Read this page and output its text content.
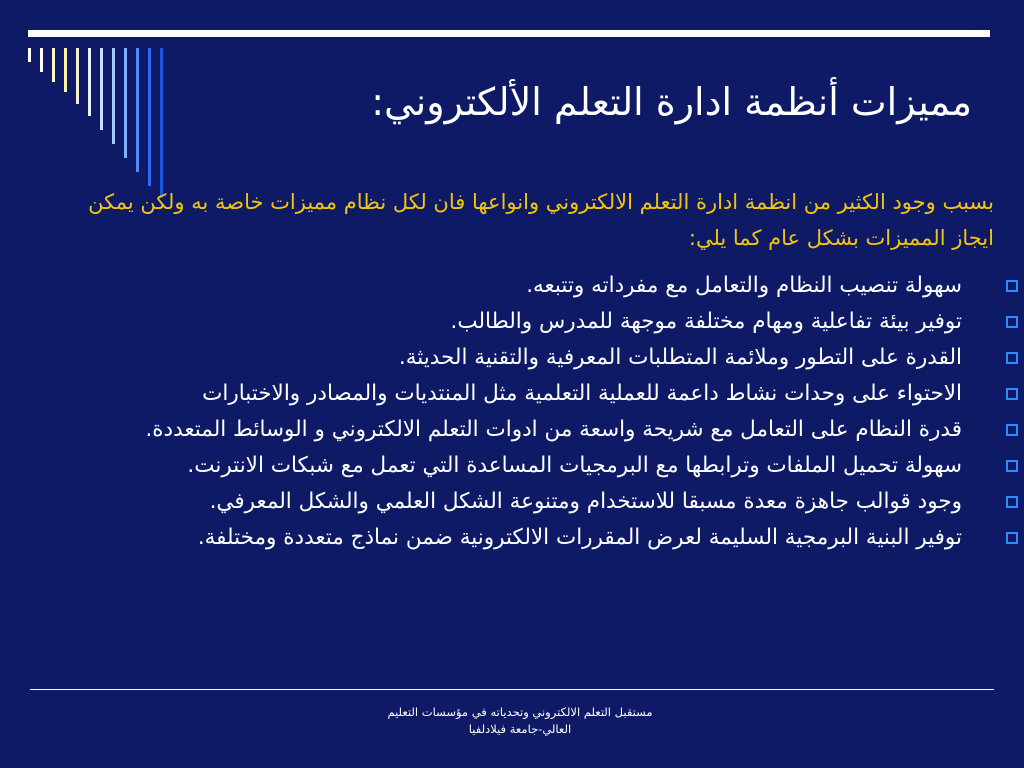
مميزات أنظمة ادارة التعلم الألكتروني:

بسبب وجود الكثير من انظمة ادارة التعلم الالكتروني وانواعها فان لكل نظام مميزات خاصة به ولكن يمكن ايجاز المميزات بشكل عام كما يلي:

سهولة تنصيب النظام والتعامل مع مفرداته وتتبعه.
توفير بيئة تفاعلية ومهام مختلفة موجهة للمدرس والطالب.
القدرة على التطور وملائمة المتطلبات المعرفية والتقنية الحديثة.
الاحتواء على وحدات نشاط داعمة للعملية التعلمية مثل المنتديات والمصادر والاختبارات
قدرة النظام على التعامل مع شريحة واسعة من ادوات التعلم الالكتروني و الوسائط المتعددة.
سهولة تحميل الملفات وترابطها مع البرمجيات المساعدة التي تعمل مع شبكات الانترنت.
وجود قوالب جاهزة معدة مسبقا للاستخدام ومتنوعة الشكل العلمي والشكل المعرفي.
توفير البنية البرمجية السليمة لعرض المقررات الالكترونية ضمن نماذج متعددة ومختلفة.

مستقبل التعلم الالكتروني وتحدياته في مؤسسات التعليم
العالي-جامعة فيلادلفيا
